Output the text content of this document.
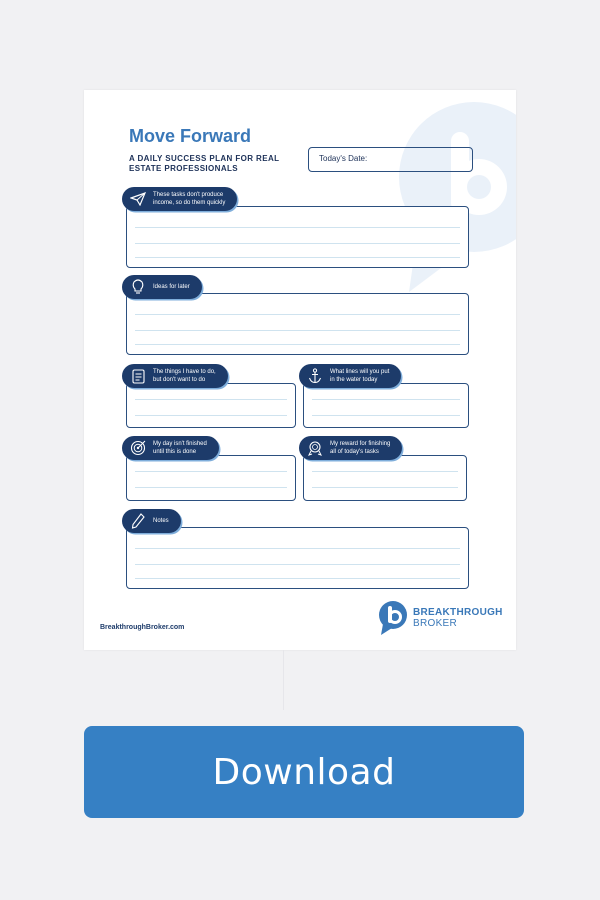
Move Forward
A DAILY SUCCESS PLAN FOR REAL ESTATE PROFESSIONALS
Today's Date:
These tasks don't produce
income, so do them quickly
Ideas for later
The things I have to do,
but don't want to do
What lines will you put
in the water today
My day isn't finished
until this is done
My reward for finishing
all of today's tasks
Notes
BreakthroughBroker.com
BREAKTHROUGH
BROKER
Download
